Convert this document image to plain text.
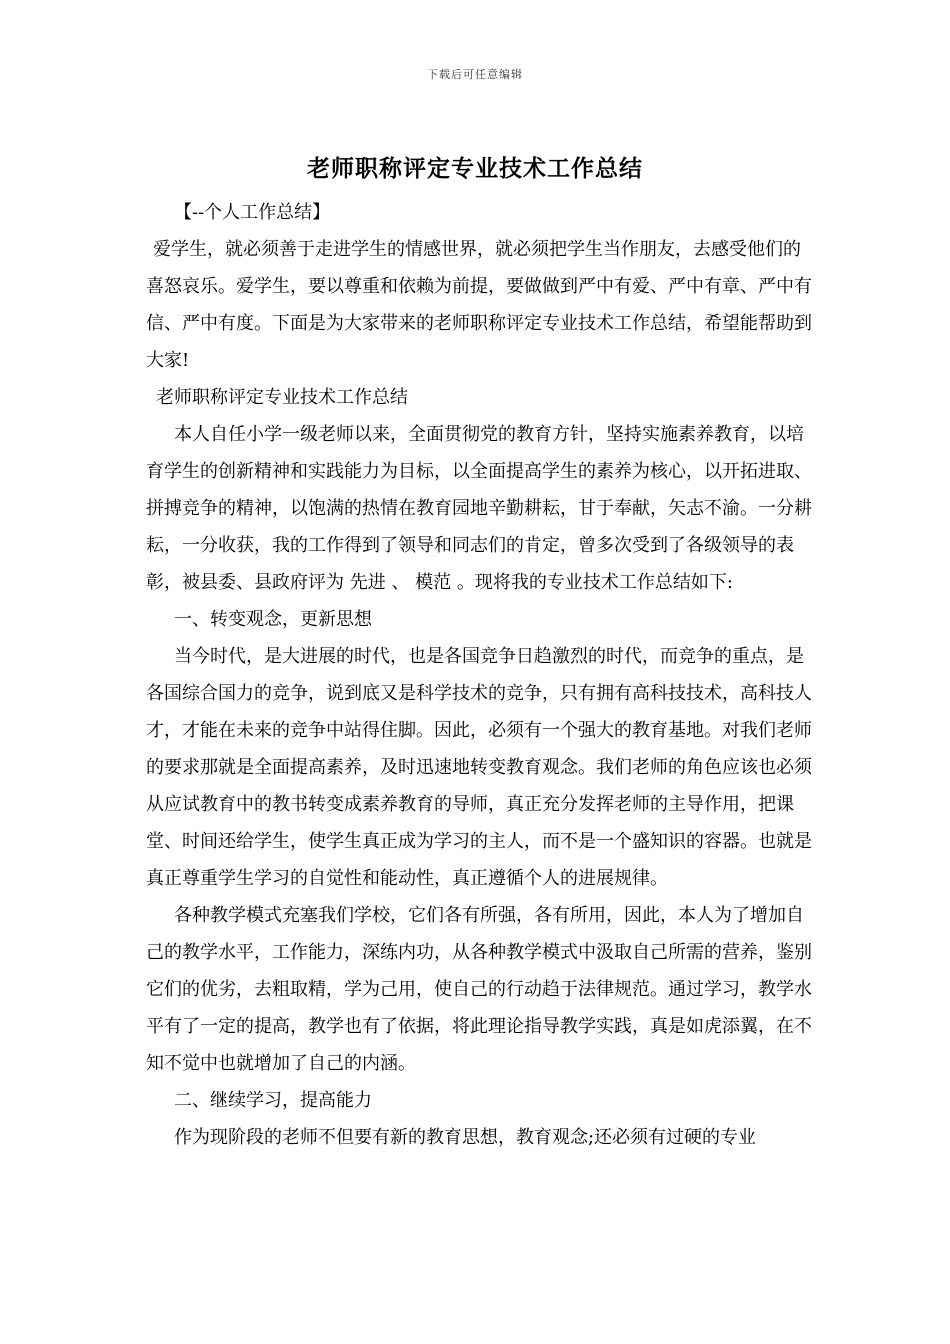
下载后可任意编辑
老师职称评定专业技术工作总结

【--个人工作总结】

爱学生，就必须善于走进学生的情感世界，就必须把学生当作朋友，去感受他们的喜怒哀乐。爱学生，要以尊重和依赖为前提，要做做到严中有爱、严中有章、严中有信、严中有度。下面是为大家带来的老师职称评定专业技术工作总结，希望能帮助到大家!

老师职称评定专业技术工作总结

本人自任小学一级老师以来，全面贯彻党的教育方针，坚持实施素养教育，以培育学生的创新精神和实践能力为目标，以全面提高学生的素养为核心，以开拓进取、拼搏竞争的精神，以饱满的热情在教育园地辛勤耕耘，甘于奉献，矢志不渝。一分耕耘，一分收获，我的工作得到了领导和同志们的肯定，曾多次受到了各级领导的表彰，被县委、县政府评为 先进 、 模范 。现将我的专业技术工作总结如下:

一、转变观念，更新思想

当今时代，是大进展的时代，也是各国竞争日趋激烈的时代，而竞争的重点，是各国综合国力的竞争，说到底又是科学技术的竞争，只有拥有高科技技术，高科技人才，才能在未来的竞争中站得住脚。因此，必须有一个强大的教育基地。对我们老师的要求那就是全面提高素养，及时迅速地转变教育观念。我们老师的角色应该也必须从应试教育中的教书转变成素养教育的导师，真正充分发挥老师的主导作用，把课堂、时间还给学生，使学生真正成为学习的主人，而不是一个盛知识的容器。也就是真正尊重学生学习的自觉性和能动性，真正遵循个人的进展规律。

各种教学模式充塞我们学校，它们各有所强，各有所用，因此，本人为了增加自己的教学水平，工作能力，深练内功，从各种教学模式中汲取自己所需的营养，鉴别它们的优劣，去粗取精，学为己用，使自己的行动趋于法律规范。通过学习，教学水平有了一定的提高，教学也有了依据，将此理论指导教学实践，真是如虎添翼，在不知不觉中也就增加了自己的内涵。

二、继续学习，提高能力

作为现阶段的老师不但要有新的教育思想，教育观念;还必须有过硬的专业
